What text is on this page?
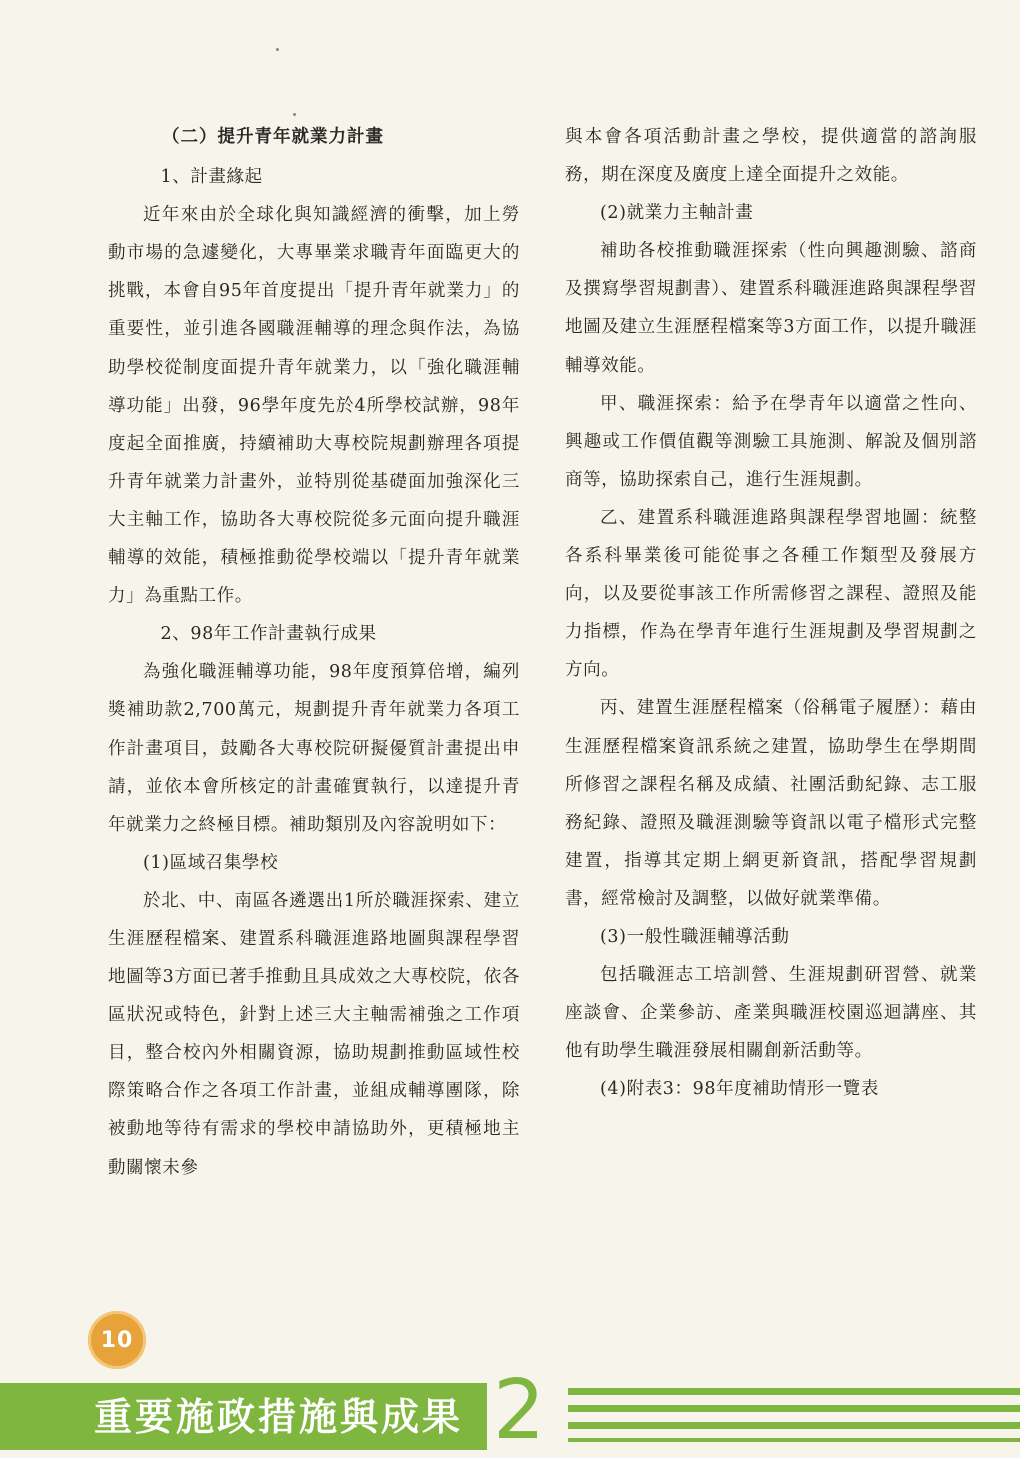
（二）提升青年就業力計畫

1、計畫緣起

近年來由於全球化與知識經濟的衝擊，加上勞動市場的急遽變化，大專畢業求職青年面臨更大的挑戰，本會自95年首度提出「提升青年就業力」的重要性，並引進各國職涯輔導的理念與作法，為協助學校從制度面提升青年就業力，以「強化職涯輔導功能」出發，96學年度先於4所學校試辦，98年度起全面推廣，持續補助大專校院規劃辦理各項提升青年就業力計畫外，並特別從基礎面加強深化三大主軸工作，協助各大專校院從多元面向提升職涯輔導的效能，積極推動從學校端以「提升青年就業力」為重點工作。

2、98年工作計畫執行成果

為強化職涯輔導功能，98年度預算倍增，編列獎補助款2,700萬元，規劃提升青年就業力各項工作計畫項目，鼓勵各大專校院研擬優質計畫提出申請，並依本會所核定的計畫確實執行，以達提升青年就業力之終極目標。補助類別及內容說明如下：

(1)區域召集學校

於北、中、南區各遴選出1所於職涯探索、建立生涯歷程檔案、建置系科職涯進路地圖與課程學習地圖等3方面已著手推動且具成效之大專校院，依各區狀況或特色，針對上述三大主軸需補強之工作項目，整合校內外相關資源，協助規劃推動區域性校際策略合作之各項工作計畫，並組成輔導團隊，除被動地等待有需求的學校申請協助外，更積極地主動關懷未參

與本會各項活動計畫之學校，提供適當的諮詢服務，期在深度及廣度上達全面提升之效能。

(2)就業力主軸計畫

補助各校推動職涯探索（性向興趣測驗、諮商及撰寫學習規劃書）、建置系科職涯進路與課程學習地圖及建立生涯歷程檔案等3方面工作，以提升職涯輔導效能。

甲、職涯探索：給予在學青年以適當之性向、興趣或工作價值觀等測驗工具施測、解說及個別諮商等，協助探索自己，進行生涯規劃。

乙、建置系科職涯進路與課程學習地圖：統整各系科畢業後可能從事之各種工作類型及發展方向，以及要從事該工作所需修習之課程、證照及能力指標，作為在學青年進行生涯規劃及學習規劃之方向。

丙、建置生涯歷程檔案（俗稱電子履歷）：藉由生涯歷程檔案資訊系統之建置，協助學生在學期間所修習之課程名稱及成績、社團活動紀錄、志工服務紀錄、證照及職涯測驗等資訊以電子檔形式完整建置，指導其定期上網更新資訊，搭配學習規劃書，經常檢討及調整，以做好就業準備。

(3)一般性職涯輔導活動

包括職涯志工培訓營、生涯規劃研習營、就業座談會、企業參訪、產業與職涯校園巡迴講座、其他有助學生職涯發展相關創新活動等。

(4)附表3：98年度補助情形一覽表

10
重要施政措施與成果 2
